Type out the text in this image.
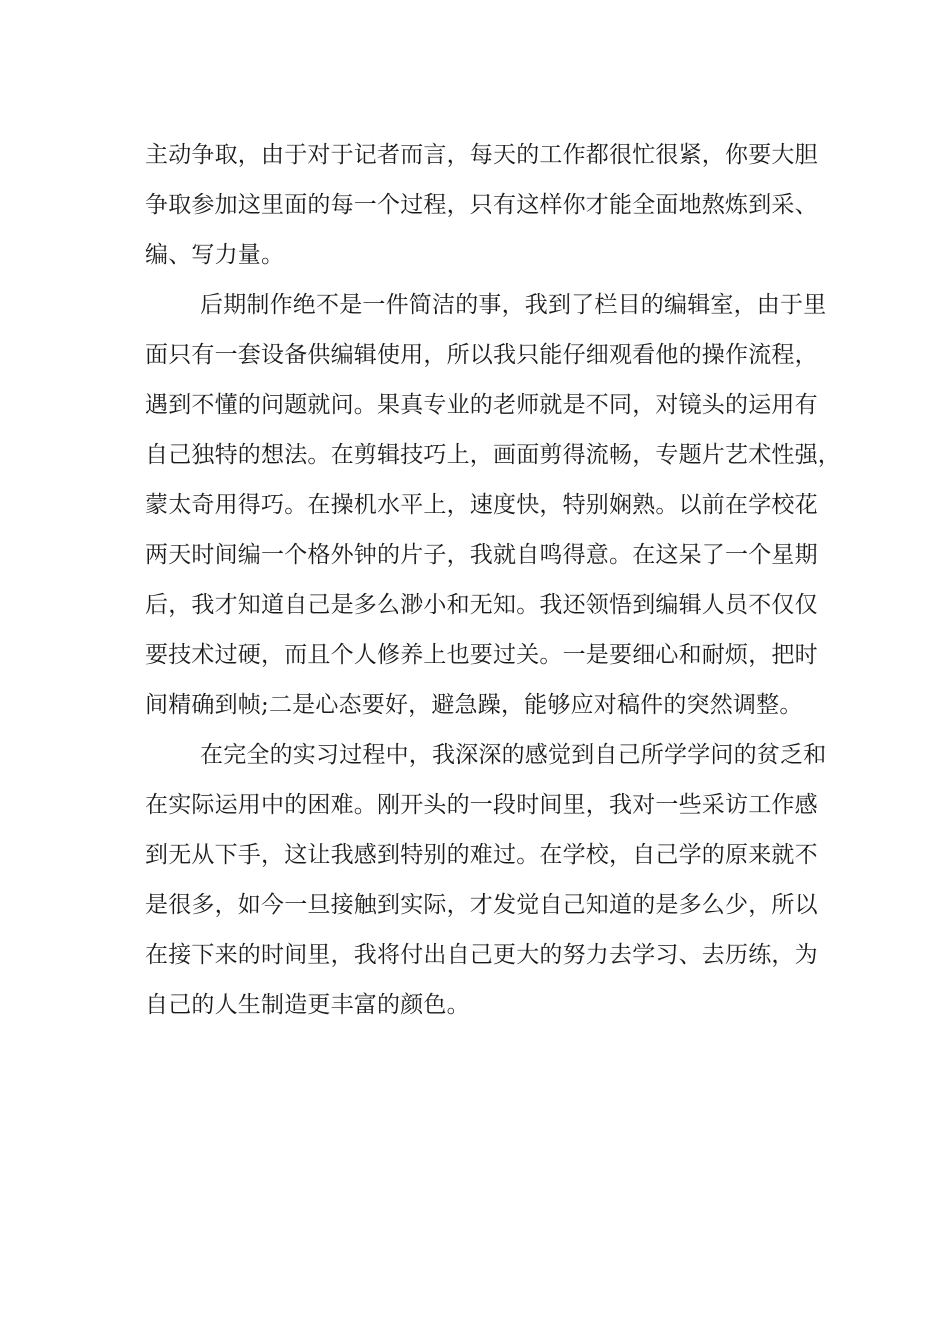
主动争取，由于对于记者而言，每天的工作都很忙很紧，你要大胆
争取参加这里面的每一个过程，只有这样你才能全面地熬炼到采、
编、写力量。
后期制作绝不是一件简洁的事，我到了栏目的编辑室，由于里
面只有一套设备供编辑使用，所以我只能仔细观看他的操作流程，
遇到不懂的问题就问。果真专业的老师就是不同，对镜头的运用有
自己独特的想法。在剪辑技巧上，画面剪得流畅，专题片艺术性强，
蒙太奇用得巧。在操机水平上，速度快，特别娴熟。以前在学校花
两天时间编一个格外钟的片子，我就自鸣得意。在这呆了一个星期
后，我才知道自己是多么渺小和无知。我还领悟到编辑人员不仅仅
要技术过硬，而且个人修养上也要过关。一是要细心和耐烦，把时
间精确到帧;二是心态要好，避急躁，能够应对稿件的突然调整。
在完全的实习过程中，我深深的感觉到自己所学学问的贫乏和
在实际运用中的困难。刚开头的一段时间里，我对一些采访工作感
到无从下手，这让我感到特别的难过。在学校，自己学的原来就不
是很多，如今一旦接触到实际，才发觉自己知道的是多么少，所以
在接下来的时间里，我将付出自己更大的努力去学习、去历练，为
自己的人生制造更丰富的颜色。
